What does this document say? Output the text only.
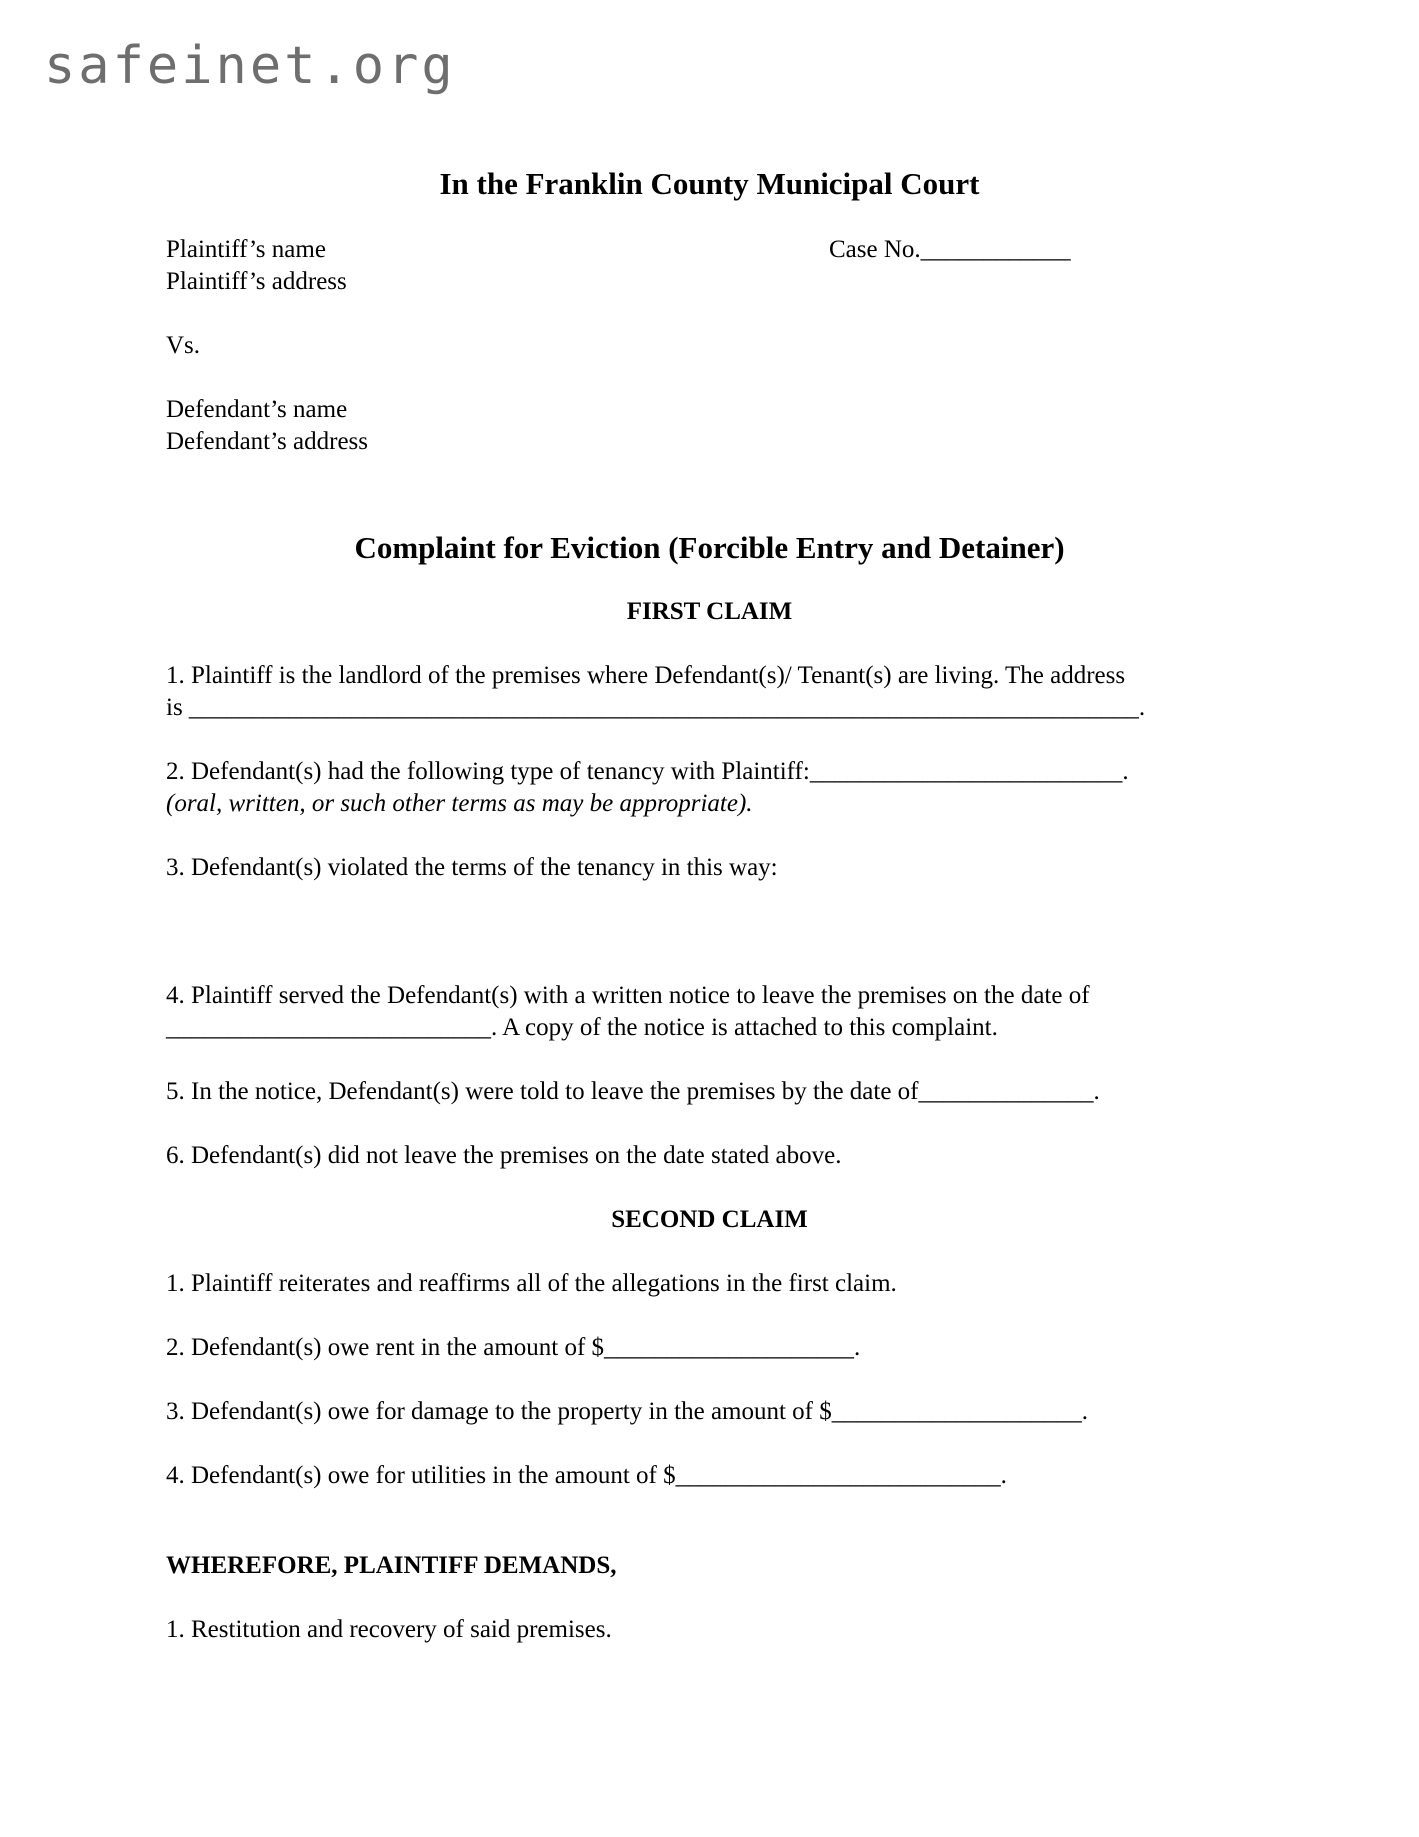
safeinet.org
In the Franklin County Municipal Court
Plaintiff’s name
Plaintiff’s address
Case No.____________
Vs.
Defendant’s name
Defendant’s address
Complaint for Eviction (Forcible Entry and Detainer)
FIRST CLAIM
1. Plaintiff is the landlord of the premises where Defendant(s)/ Tenant(s) are living. The address
is ____________________________________________________________________________.
2. Defendant(s) had the following type of tenancy with Plaintiff:_________________________.
(oral, written, or such other terms as may be appropriate).
3. Defendant(s) violated the terms of the tenancy in this way:
4. Plaintiff served the Defendant(s) with a written notice to leave the premises on the date of
__________________________. A copy of the notice is attached to this complaint.
5. In the notice, Defendant(s) were told to leave the premises by the date of______________.
6. Defendant(s) did not leave the premises on the date stated above.
SECOND CLAIM
1. Plaintiff reiterates and reaffirms all of the allegations in the first claim.
2. Defendant(s) owe rent in the amount of $____________________.
3. Defendant(s) owe for damage to the property in the amount of $____________________.
4. Defendant(s) owe for utilities in the amount of $__________________________.
WHEREFORE, PLAINTIFF DEMANDS,
1. Restitution and recovery of said premises.
